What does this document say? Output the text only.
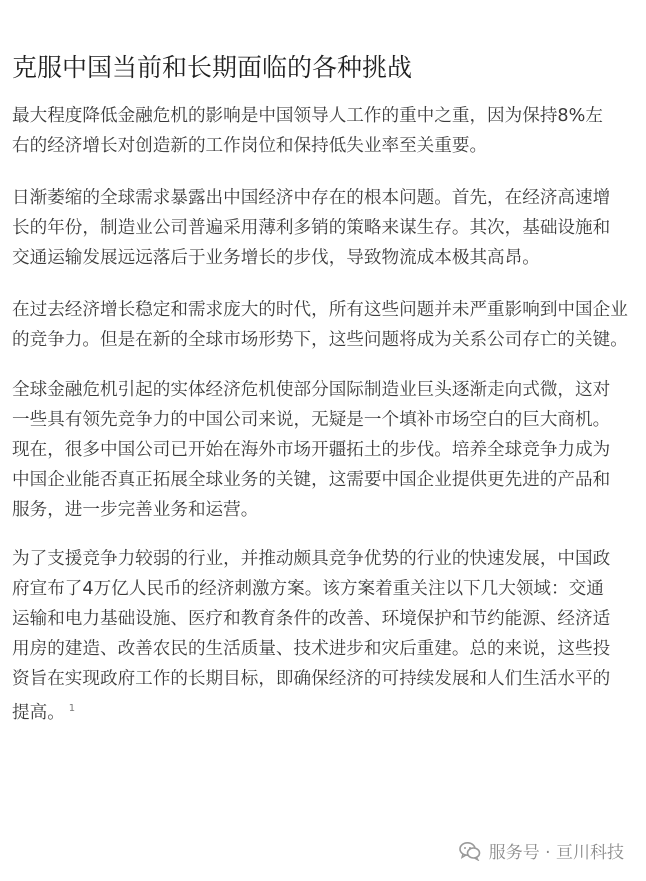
克服中国当前和长期面临的各种挑战
最大程度降低金融危机的影响是中国领导人工作的重中之重，因为保持8%左
右的经济增长对创造新的工作岗位和保持低失业率至关重要。
日渐萎缩的全球需求暴露出中国经济中存在的根本问题。首先，在经济高速增
长的年份，制造业公司普遍采用薄利多销的策略来谋生存。其次，基础设施和
交通运输发展远远落后于业务增长的步伐，导致物流成本极其高昂。
在过去经济增长稳定和需求庞大的时代，所有这些问题并未严重影响到中国企业
的竞争力。但是在新的全球市场形势下，这些问题将成为关系公司存亡的关键。
全球金融危机引起的实体经济危机使部分国际制造业巨头逐渐走向式微，这对
一些具有领先竞争力的中国公司来说，无疑是一个填补市场空白的巨大商机。
现在，很多中国公司已开始在海外市场开疆拓土的步伐。培养全球竞争力成为
中国企业能否真正拓展全球业务的关键，这需要中国企业提供更先进的产品和
服务，进一步完善业务和运营。
为了支援竞争力较弱的行业，并推动颇具竞争优势的行业的快速发展，中国政
府宣布了4万亿人民币的经济刺激方案。该方案着重关注以下几大领域：交通
运输和电力基础设施、医疗和教育条件的改善、环境保护和节约能源、经济适
用房的建造、改善农民的生活质量、技术进步和灾后重建。总的来说，这些投
资旨在实现政府工作的长期目标，即确保经济的可持续发展和人们生活水平的
提高。 $^1$
服务号 · 亘川科技
